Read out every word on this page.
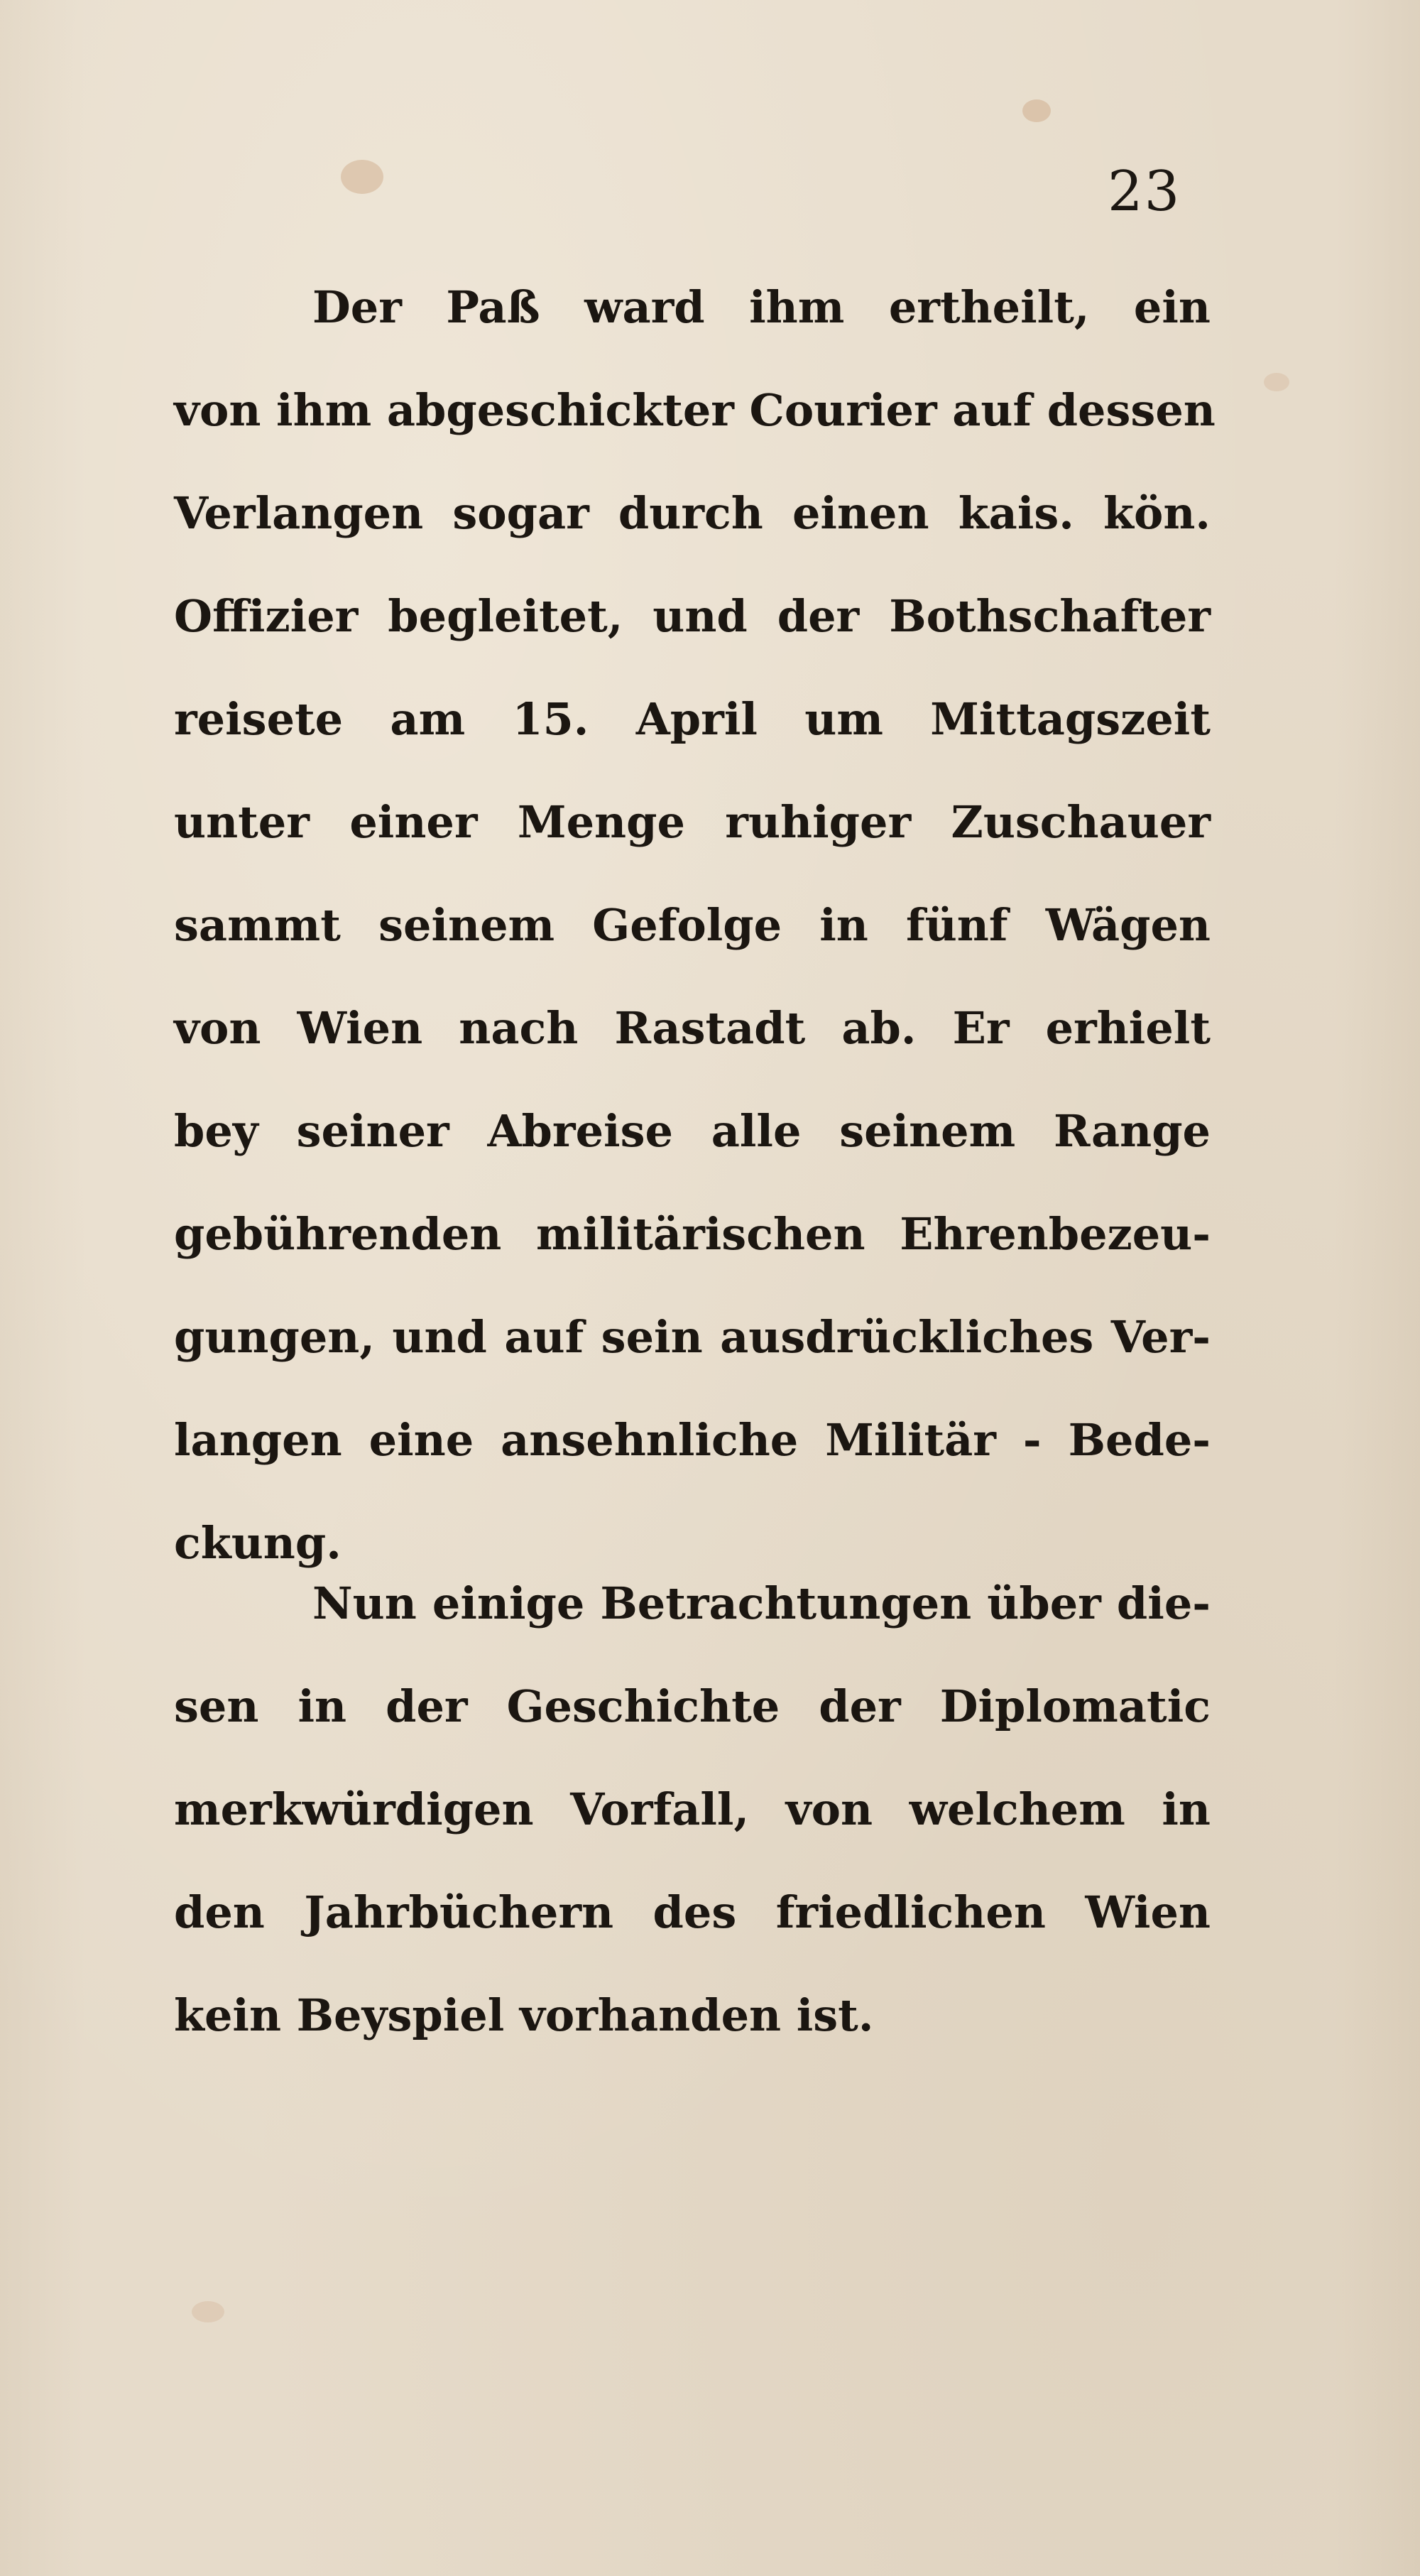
23
Der Paß ward ihm ertheilt, ein
von ihm abgeschickter Courier auf dessen
Verlangen sogar durch einen kais. kön.
Offizier begleitet, und der Bothschafter
reisete am 15. April um Mittagszeit
unter einer Menge ruhiger Zuschauer
sammt seinem Gefolge in fünf Wägen
von Wien nach Rastadt ab. Er erhielt
bey seiner Abreise alle seinem Range
gebührenden militärischen Ehrenbezeu-
gungen, und auf sein ausdrückliches Ver-
langen eine ansehnliche Militär - Bede-
ckung.
Nun einige Betrachtungen über die-
sen in der Geschichte der Diplomatic
merkwürdigen Vorfall, von welchem in
den Jahrbüchern des friedlichen Wien
kein Beyspiel vorhanden ist.
